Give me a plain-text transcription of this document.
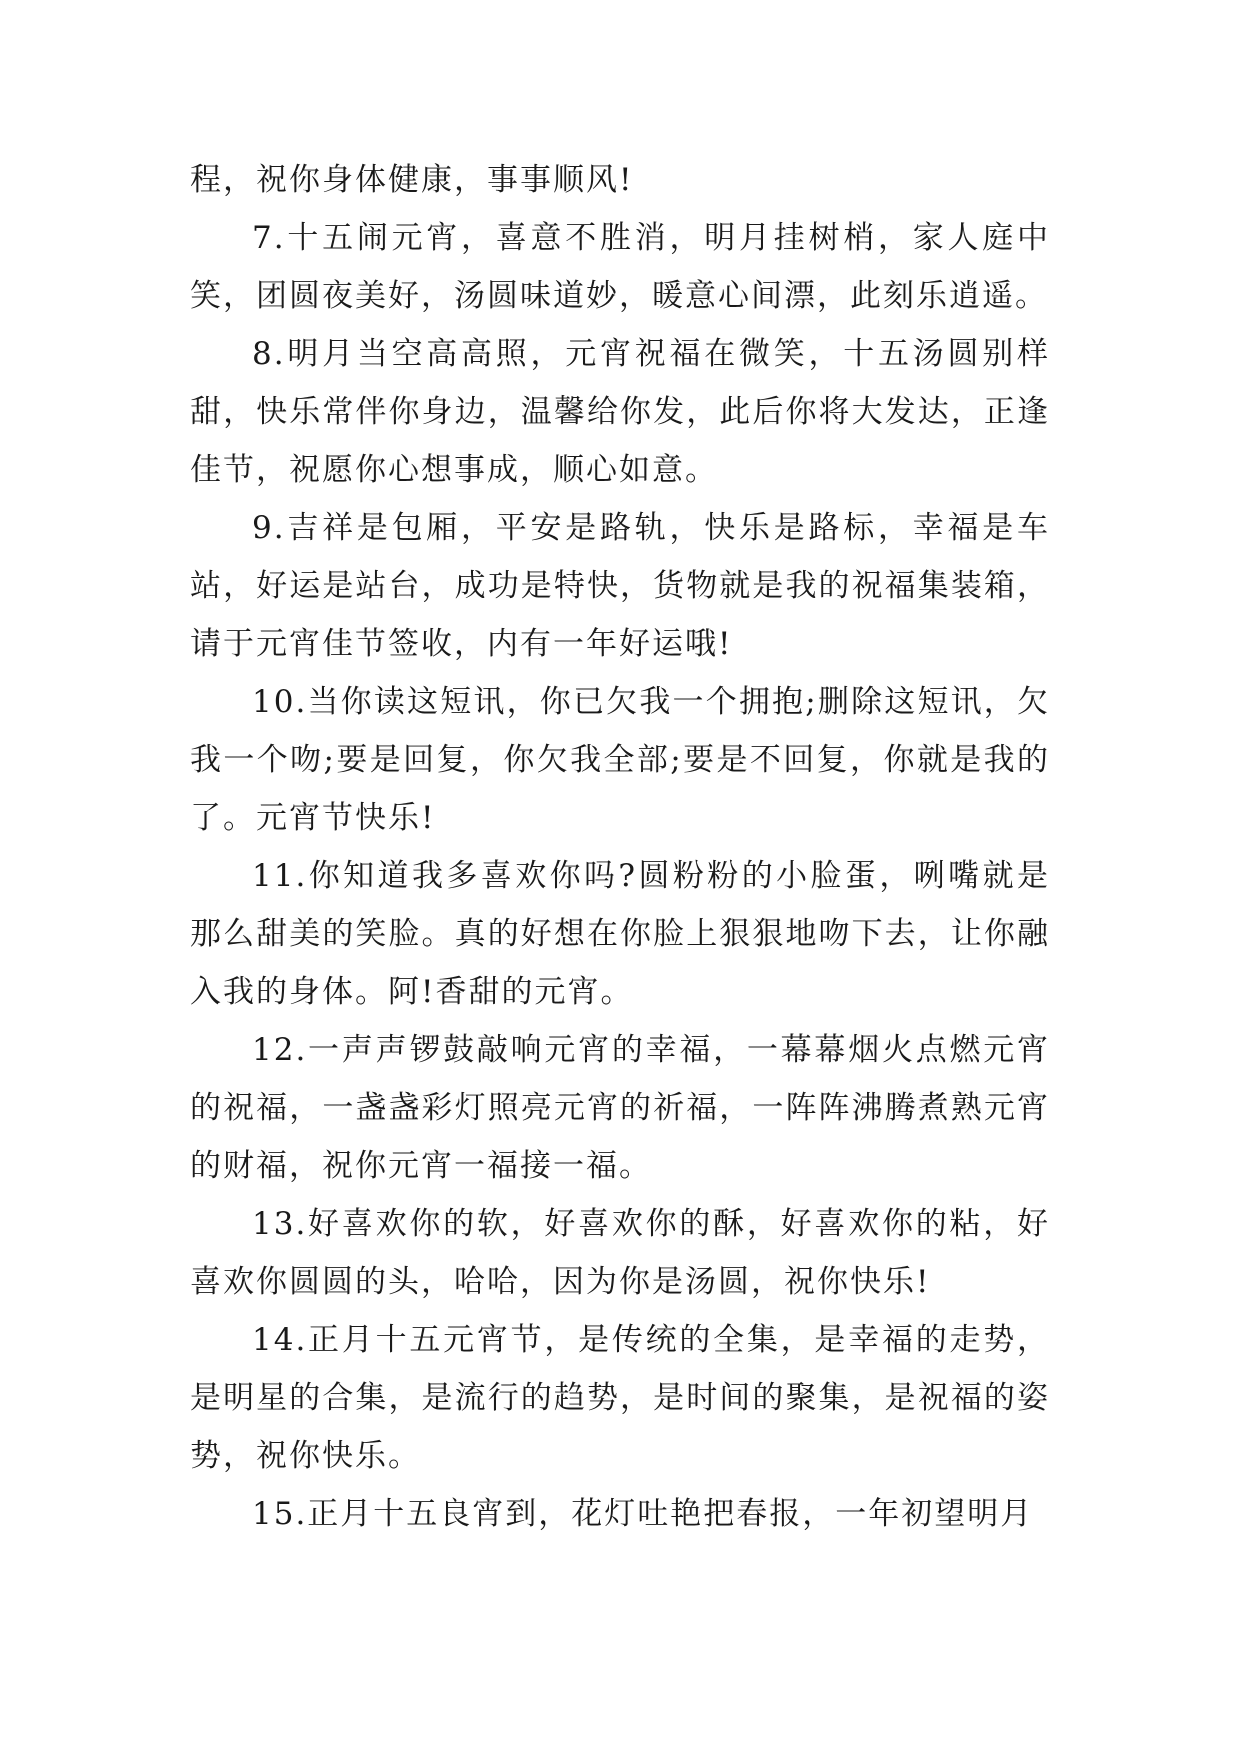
程，祝你身体健康，事事顺风!

7.十五闹元宵，喜意不胜消，明月挂树梢，家人庭中笑，团圆夜美好，汤圆味道妙，暖意心间漂，此刻乐逍遥。

8.明月当空高高照，元宵祝福在微笑，十五汤圆别样甜，快乐常伴你身边，温馨给你发，此后你将大发达，正逢佳节，祝愿你心想事成，顺心如意。

9.吉祥是包厢，平安是路轨，快乐是路标，幸福是车站，好运是站台，成功是特快，货物就是我的祝福集装箱，请于元宵佳节签收，内有一年好运哦!

10.当你读这短讯，你已欠我一个拥抱;删除这短讯，欠我一个吻;要是回复，你欠我全部;要是不回复，你就是我的了。元宵节快乐!

11.你知道我多喜欢你吗?圆粉粉的小脸蛋，咧嘴就是那么甜美的笑脸。真的好想在你脸上狠狠地吻下去，让你融入我的身体。阿!香甜的元宵。

12.一声声锣鼓敲响元宵的幸福，一幕幕烟火点燃元宵的祝福，一盏盏彩灯照亮元宵的祈福，一阵阵沸腾煮熟元宵的财福，祝你元宵一福接一福。

13.好喜欢你的软，好喜欢你的酥，好喜欢你的粘，好喜欢你圆圆的头，哈哈，因为你是汤圆，祝你快乐!

14.正月十五元宵节，是传统的全集，是幸福的走势，是明星的合集，是流行的趋势，是时间的聚集，是祝福的姿势，祝你快乐。

15.正月十五良宵到，花灯吐艳把春报，一年初望明月
